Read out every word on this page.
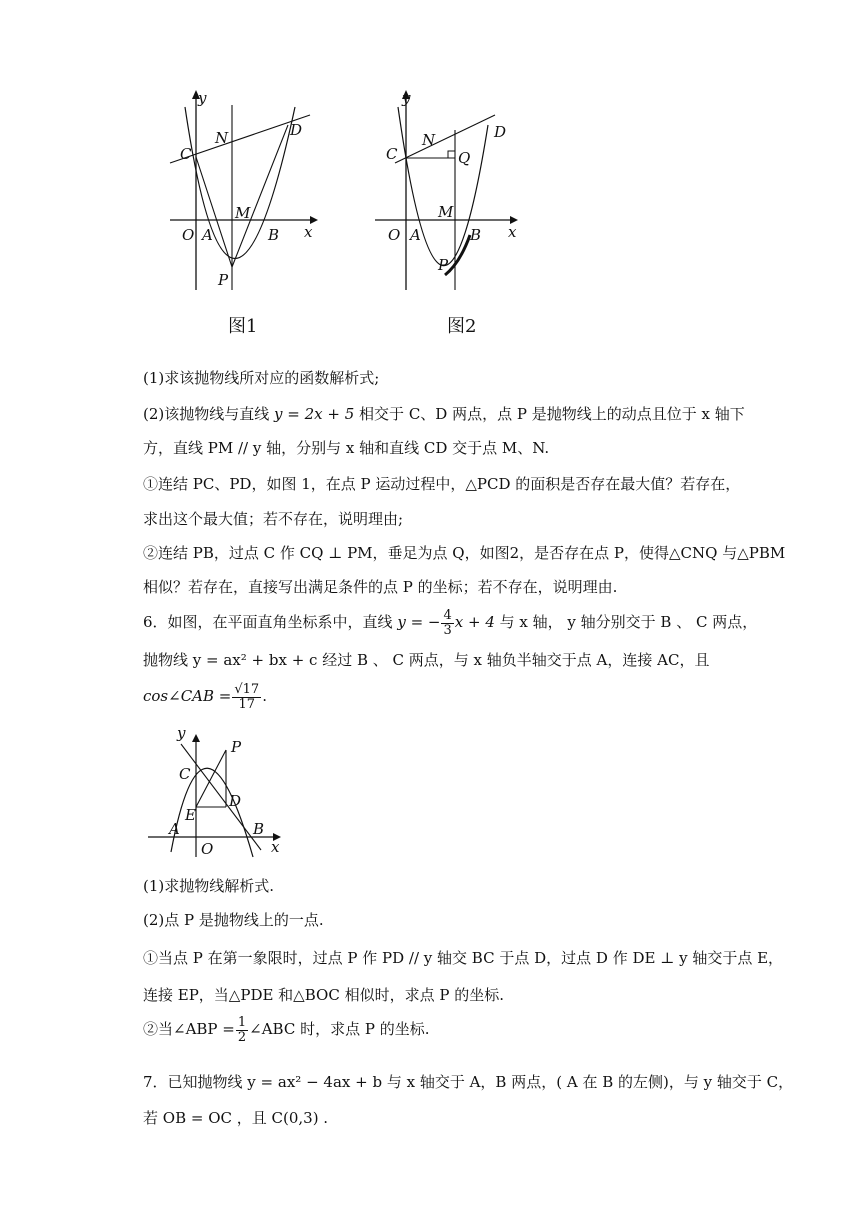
y
x
O A	B
C
D
N
M
P
图1
y
x
O A	B
C
D
N
Q
M
P
图2
(1)求该抛物线所对应的函数解析式;
(2)该抛物线与直线 y = 2x + 5 相交于 C、D 两点，点 P 是抛物线上的动点且位于 x 轴下
方，直线 PM // y 轴，分别与 x 轴和直线 CD 交于点 M、N.
①连结 PC、PD，如图 1，在点 P 运动过程中，△PCD 的面积是否存在最大值？若存在，
求出这个最大值；若不存在，说明理由;
②连结 PB，过点 C 作 CQ ⊥ PM，垂足为点 Q，如图2，是否存在点 P，使得△CNQ 与△PBM
相似？若存在，直接写出满足条件的点 P 的坐标；若不存在，说明理由.
6．如图，在平面直角坐标系中，直线 y = − $\frac{4}{3}$ x + 4 与 x 轴， y 轴分别交于 B 、 C 两点，
抛物线 y = ax² + bx + c 经过 B 、 C 两点，与 x 轴负半轴交于点 A，连接 AC，且
cos∠CAB = $\frac{√17}{17}$ .
y
x
O
A	B
C
D
E
P
(1)求抛物线解析式.
(2)点 P 是抛物线上的一点.
①当点 P 在第一象限时，过点 P 作 PD // y 轴交 BC 于点 D，过点 D 作 DE ⊥ y 轴交于点 E，
连接 EP，当△PDE 和△BOC 相似时，求点 P 的坐标.
②当∠ABP = $\frac{1}{2}$ ∠ABC 时，求点 P 的坐标.
7．已知抛物线 y = ax² − 4ax + b 与 x 轴交于 A，B 两点，( A 在 B 的左侧)，与 y 轴交于 C，
若 OB = OC ，且 C(0,3) .
